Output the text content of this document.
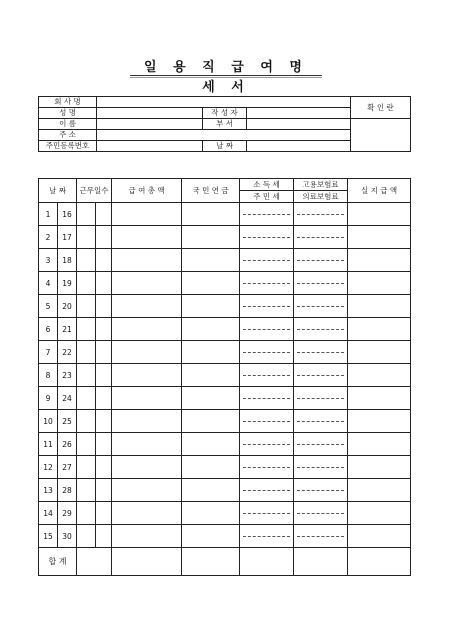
일 용 직 급 여 명 세 서
회 사 명				확 인 란
성 명		작 성 자		
이 름		부 서		
주 소				
주민등록번호		날 짜		
날 짜		근무일수		급 여 총 액	국 민 연 금	소 득 세	고용보험료	실 지 급 액
						주 민 세	의료보험료	
1	16					

2	17					

3	18					

4	19					

5	20					

6	21					

7	22					

8	23					

9	24					

10	25					

11	26					

12	27					

13	28					

14	29					

15	30					

합 계								
